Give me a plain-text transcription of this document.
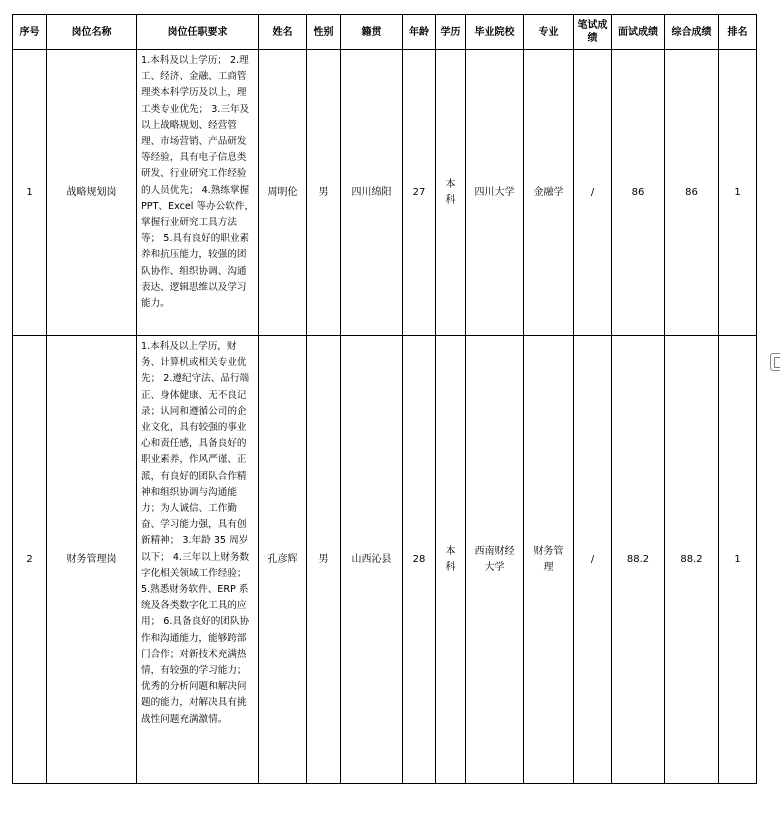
序号	岗位名称	岗位任职要求	姓名	性别	籍贯	年龄	学历	毕业院校	专业	笔试成绩	面试成绩	综合成绩	排名
1	战略规划岗	1.本科及以上学历； 2.理工、经济、金融、工商管理类本科学历及以上，理工类专业优先； 3.三年及以上战略规划、经营管理、市场营销、产品研发等经验，具有电子信息类研发、行业研究工作经验的人员优先； 4.熟练掌握 PPT、Excel 等办公软件，掌握行业研究工具方法等； 5.具有良好的职业素养和抗压能力，较强的团队协作、组织协调、沟通表达、逻辑思维以及学习能力。	周明伦	男	四川绵阳	27	本科	四川大学	金融学	/	86	86	1
2	财务管理岗	1.本科及以上学历，财务、计算机或相关专业优先； 2.遵纪守法、品行端正、身体健康、无不良记录；认同和遵循公司的企业文化，具有较强的事业心和责任感，具备良好的职业素养，作风严谨、正派，有良好的团队合作精神和组织协调与沟通能力；为人诚信、工作勤奋、学习能力强，具有创新精神； 3.年龄 35 周岁以下； 4.三年以上财务数字化相关领域工作经验； 5.熟悉财务软件、ERP 系统及各类数字化工具的应用； 6.具备良好的团队协作和沟通能力，能够跨部门合作；对新技术充满热情，有较强的学习能力；优秀的分析问题和解决问题的能力，对解决具有挑战性问题充满激情。	孔彦辉	男	山西沁县	28	本科	西南财经大学	财务管理	/	88.2	88.2	1
